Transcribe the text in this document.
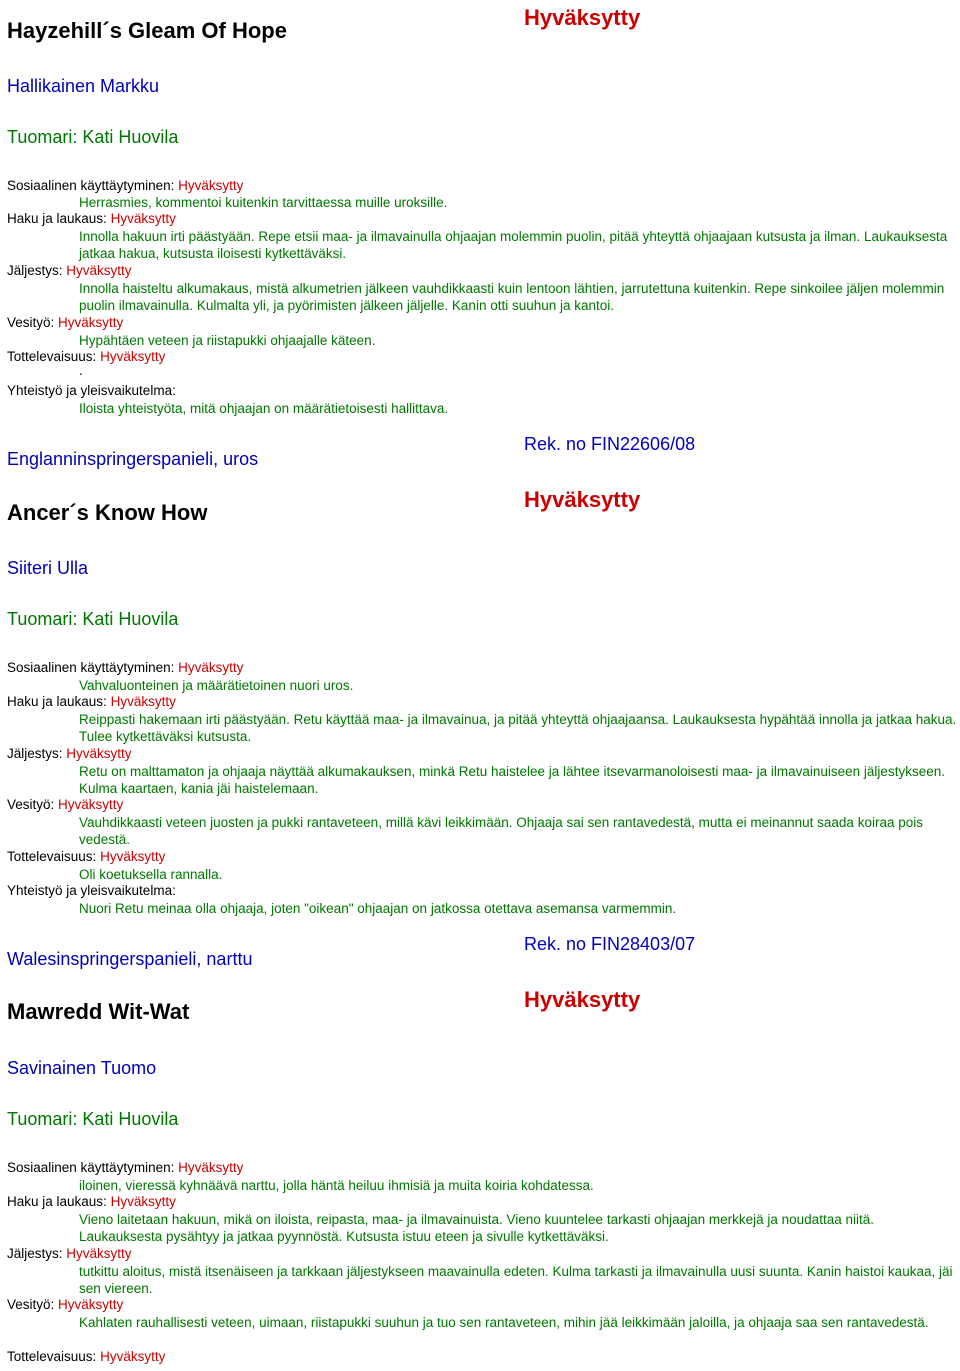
Hayzehill´s Gleam Of Hope
Hyväksytty
Hallikainen Markku
Tuomari: Kati Huovila
Sosiaalinen käyttäytyminen: Hyväksytty
Herrasmies, kommentoi kuitenkin tarvittaessa muille uroksille.
Haku ja laukaus: Hyväksytty
Innolla hakuun irti päästyään. Repe etsii maa- ja ilmavainulla ohjaajan molemmin puolin, pitää yhteyttä ohjaajaan kutsusta ja ilman. Laukauksesta jatkaa hakua, kutsusta iloisesti kytkettäväksi.
Jäljestys: Hyväksytty
Innolla haisteltu alkumakaus, mistä alkumetrien jälkeen vauhdikkaasti kuin lentoon lähtien, jarrutettuna kuitenkin. Repe sinkoilee jäljen molemmin puolin ilmavainulla. Kulmalta yli, ja pyörimisten jälkeen jäljelle. Kanin otti suuhun ja kantoi.
Vesityö: Hyväksytty
Hypähtäen veteen ja riistapukki ohjaajalle käteen.
Tottelevaisuus: Hyväksytty
.
Yhteistyö ja yleisvaikutelma:
Iloista yhteistyöta, mitä ohjaajan on määrätietoisesti hallittava.
Englanninspringerspanieli, uros
Rek. no FIN22606/08
Ancer´s Know How
Hyväksytty
Siiteri Ulla
Tuomari: Kati Huovila
Sosiaalinen käyttäytyminen: Hyväksytty
Vahvaluonteinen ja määrätietoinen nuori uros.
Haku ja laukaus: Hyväksytty
Reippasti hakemaan irti päästyään. Retu käyttää maa- ja ilmavainua, ja pitää yhteyttä ohjaajaansa. Laukauksesta hypähtää innolla ja jatkaa hakua. Tulee kytkettäväksi kutsusta.
Jäljestys: Hyväksytty
Retu on malttamaton ja ohjaaja näyttää alkumakauksen, minkä Retu haistelee ja lähtee itsevarmanoloisesti maa- ja ilmavainuiseen jäljestykseen. Kulma kaartaen, kania jäi haistelemaan.
Vesityö: Hyväksytty
Vauhdikkaasti veteen juosten ja pukki rantaveteen, millä kävi leikkimään. Ohjaaja sai sen rantavedestä, mutta ei meinannut saada koiraa pois vedestä.
Tottelevaisuus: Hyväksytty
Oli koetuksella rannalla.
Yhteistyö ja yleisvaikutelma:
Nuori Retu meinaa olla ohjaaja, joten "oikean" ohjaajan on jatkossa otettava asemansa varmemmin.
Walesinspringerspanieli, narttu
Rek. no FIN28403/07
Mawredd Wit-Wat	Hyväksytty
Savinainen Tuomo
Tuomari: Kati Huovila
Sosiaalinen käyttäytyminen: Hyväksytty
iloinen, vieressä kyhnäävä narttu, jolla häntä heiluu ihmisiä ja muita koiria kohdatessa.
Haku ja laukaus: Hyväksytty
Vieno laitetaan hakuun, mikä on iloista, reipasta, maa- ja ilmavainuista. Vieno kuuntelee tarkasti ohjaajan merkkejä ja noudattaa niitä. Laukauksesta pysähtyy ja jatkaa pyynnöstä. Kutsusta istuu eteen ja sivulle kytkettäväksi.
Jäljestys: Hyväksytty
tutkittu aloitus, mistä itsenäiseen ja tarkkaan jäljestykseen maavainulla edeten. Kulma tarkasti ja ilmavainulla uusi suunta. Kanin haistoi kaukaa, jäi sen viereen.
Vesityö: Hyväksytty
Kahlaten rauhallisesti veteen, uimaan, riistapukki suuhun ja tuo sen rantaveteen, mihin jää leikkimään jaloilla, ja ohjaaja saa sen rantavedestä.
Tottelevaisuus: Hyväksytty
